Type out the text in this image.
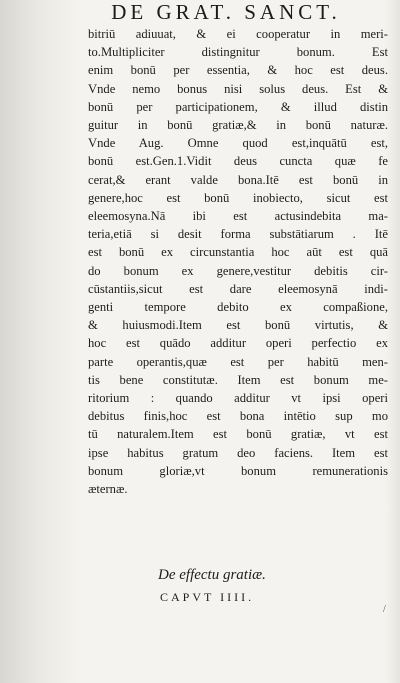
DE GRAT. SANCT.
bitriū adiuuat, & ei cooperatur in meri-
to.Multipliciter distingnitur bonum. Est
enim bonū per essentia, & hoc est deus.
Vnde nemo bonus nisi solus deus. Est &
bonū per participationem, & illud distin
guitur in bonū gratiæ,& in bonū naturæ.
Vnde Aug. Omne quod est,inquātū est,
bonū est.Gen.1.Vidit deus cuncta quæ fe
cerat,& erant valde bona.Itē est bonū in
genere,hoc est bonū inobiecto, sicut est
eleemosyna.Nā ibi est actusindebita ma-
teria,etiā si desit forma substātiarum . Itē
est bonū ex circunstantia hoc aūt est quā
do bonum ex genere,vestitur debitis cir-
cūstantiis,sicut est dare eleemosynā indi-
genti tempore debito ex compaßione,
& huiusmodi.Item est bonū virtutis, &
hoc est quādo additur operi perfectio ex
parte operantis,quæ est per habitū men-
tis bene constitutæ. Item est bonum me-
ritorium : quando additur vt ipsi operi
debitus finis,hoc est bona intētio sup mo
tū naturalem.Item est bonū gratiæ, vt est
ipse habitus gratum deo faciens. Item est
bonum gloriæ,vt bonum remunerationis
æternæ.
De effectu gratiæ.
CAPVT IIII.
/
